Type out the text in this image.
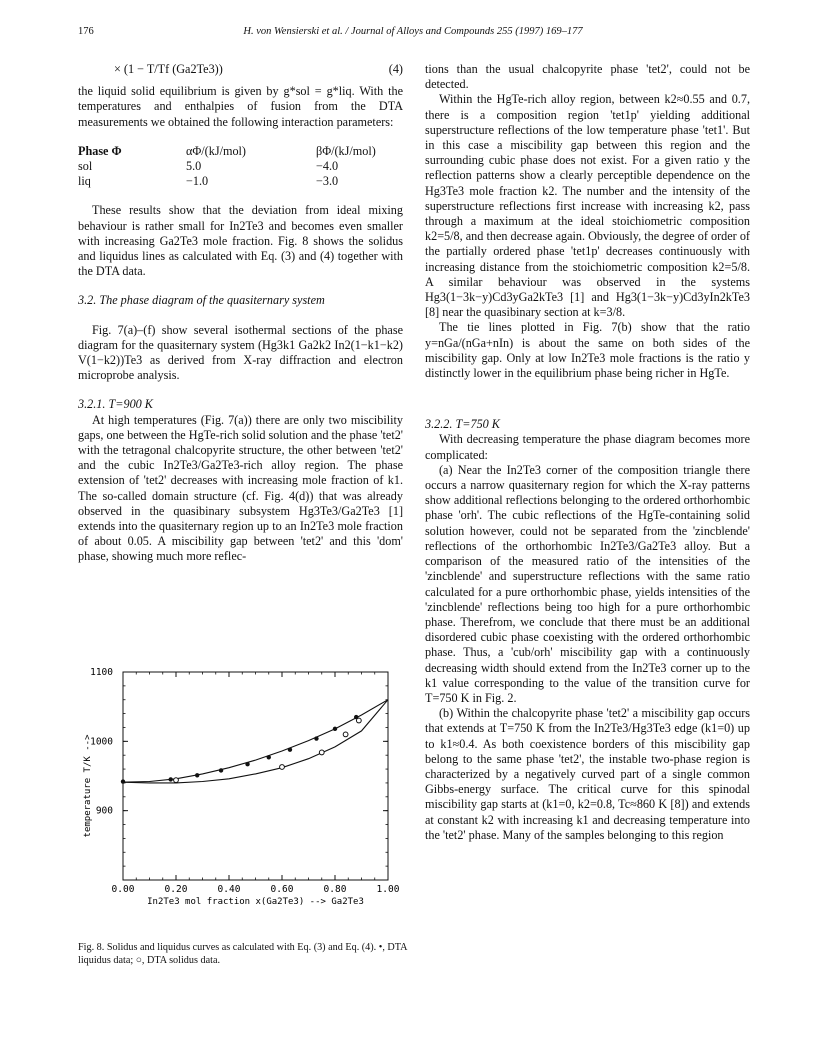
176	H. von Wensierski et al. / Journal of Alloys and Compounds 255 (1997) 169–177
× (1 − T/Tf (Ga2Te3))	(4)

the liquid solid equilibrium is given by g*sol = g*liq. With the temperatures and enthalpies of fusion from the DTA measurements we obtained the following interaction parameters:

Phase Φ	αΦ/(kJ/mol)	βΦ/(kJ/mol)
sol	5.0	−4.0
liq	−1.0	−3.0

These results show that the deviation from ideal mixing behaviour is rather small for In2Te3 and becomes even smaller with increasing Ga2Te3 mole fraction. Fig. 8 shows the solidus and liquidus lines as calculated with Eq. (3) and (4) together with the DTA data.

3.2. The phase diagram of the quasiternary system

Fig. 7(a)–(f) show several isothermal sections of the phase diagram for the quasiternary system (Hg3k1 Ga2k2 In2(1−k1−k2) V(1−k2))Te3 as derived from X-ray diffraction and electron microprobe analysis.

3.2.1. T=900 K

At high temperatures (Fig. 7(a)) there are only two miscibility gaps, one between the HgTe-rich solid solution and the phase 'tet2' with the tetragonal chalcopyrite structure, the other between 'tet2' and the cubic In2Te3/Ga2Te3-rich alloy region. The phase extension of 'tet2' decreases with increasing mole fraction of k1. The so-called domain structure (cf. Fig. 4(d)) that was already observed in the quasibinary subsystem Hg3Te3/Ga2Te3 [1] extends into the quasiternary region up to an In2Te3 mole fraction of about 0.05. A miscibility gap between 'tet2' and this 'dom' phase, showing much more reflec-

tions than the usual chalcopyrite phase 'tet2', could not be detected.

Within the HgTe-rich alloy region, between k2≈0.55 and 0.7, there is a composition region 'tet1p' yielding additional superstructure reflections of the low temperature phase 'tet1'. But in this case a miscibility gap between this region and the surrounding cubic phase does not exist. For a given ratio y the reflection patterns show a clearly perceptible dependence on the Hg3Te3 mole fraction k2. The number and the intensity of the superstructure reflections first increase with increasing k2, pass through a maximum at the ideal stoichiometric composition k2=5/8, and then decrease again. Obviously, the degree of order of the partially ordered phase 'tet1p' decreases continuously with increasing distance from the stoichiometric composition k2=5/8. A similar behaviour was observed in the systems Hg3(1−3k−y)Cd3yGa2kTe3 [1] and Hg3(1−3k−y)Cd3yIn2kTe3 [8] near the quasibinary section at k=3/8.

The tie lines plotted in Fig. 7(b) show that the ratio y=nGa/(nGa+nIn) is about the same on both sides of the miscibility gap. Only at low In2Te3 mole fractions is the ratio y distinctly lower in the equilibrium phase being richer in HgTe.

3.2.2. T=750 K

With decreasing temperature the phase diagram becomes more complicated:

(a) Near the In2Te3 corner of the composition triangle there occurs a narrow quasiternary region for which the X-ray patterns show additional reflections belonging to the ordered orthorhombic phase 'orh'. The cubic reflections of the HgTe-containing solid solution however, could not be separated from the 'zincblende' reflections of the orthorhombic In2Te3/Ga2Te3 alloy. But a comparison of the measured ratio of the intensities of the 'zincblende' and superstructure reflections with the same ratio calculated for a pure orthorhombic phase, yields intensities of the 'zincblende' reflections being too high for a pure orthorhombic phase. Therefrom, we conclude that there must be an additional disordered cubic phase coexisting with the ordered orthorhombic phase. Thus, a 'cub/orh' miscibility gap with a continuously decreasing width should extend from the In2Te3 corner up to the k1 value corresponding to the value of the transition curve for T=750 K in Fig. 2.

(b) Within the chalcopyrite phase 'tet2' a miscibility gap occurs that extends at T=750 K from the In2Te3/Hg3Te3 edge (k1=0) up to k1≈0.4. As both coexistence borders of this miscibility gap belong to the same phase 'tet2', the instable two-phase region is characterized by a negatively curved part of a single common Gibbs-energy surface. The critical curve for this spinodal miscibility gap starts at (k1=0, k2=0.8, Tc≈860 K [8]) and extends at constant k2 with increasing k1 and decreasing temperature into the 'tet2' phase. Many of the samples belonging to this region

0.00	0.20	0.40	0.60	0.80	1.00
900
1000
1100
In2Te3 mol fraction x(Ga2Te3) --> Ga2Te3
temperature T/K -->
Fig. 8. Solidus and liquidus curves as calculated with Eq. (3) and Eq. (4). •, DTA liquidus data; ○, DTA solidus data.
